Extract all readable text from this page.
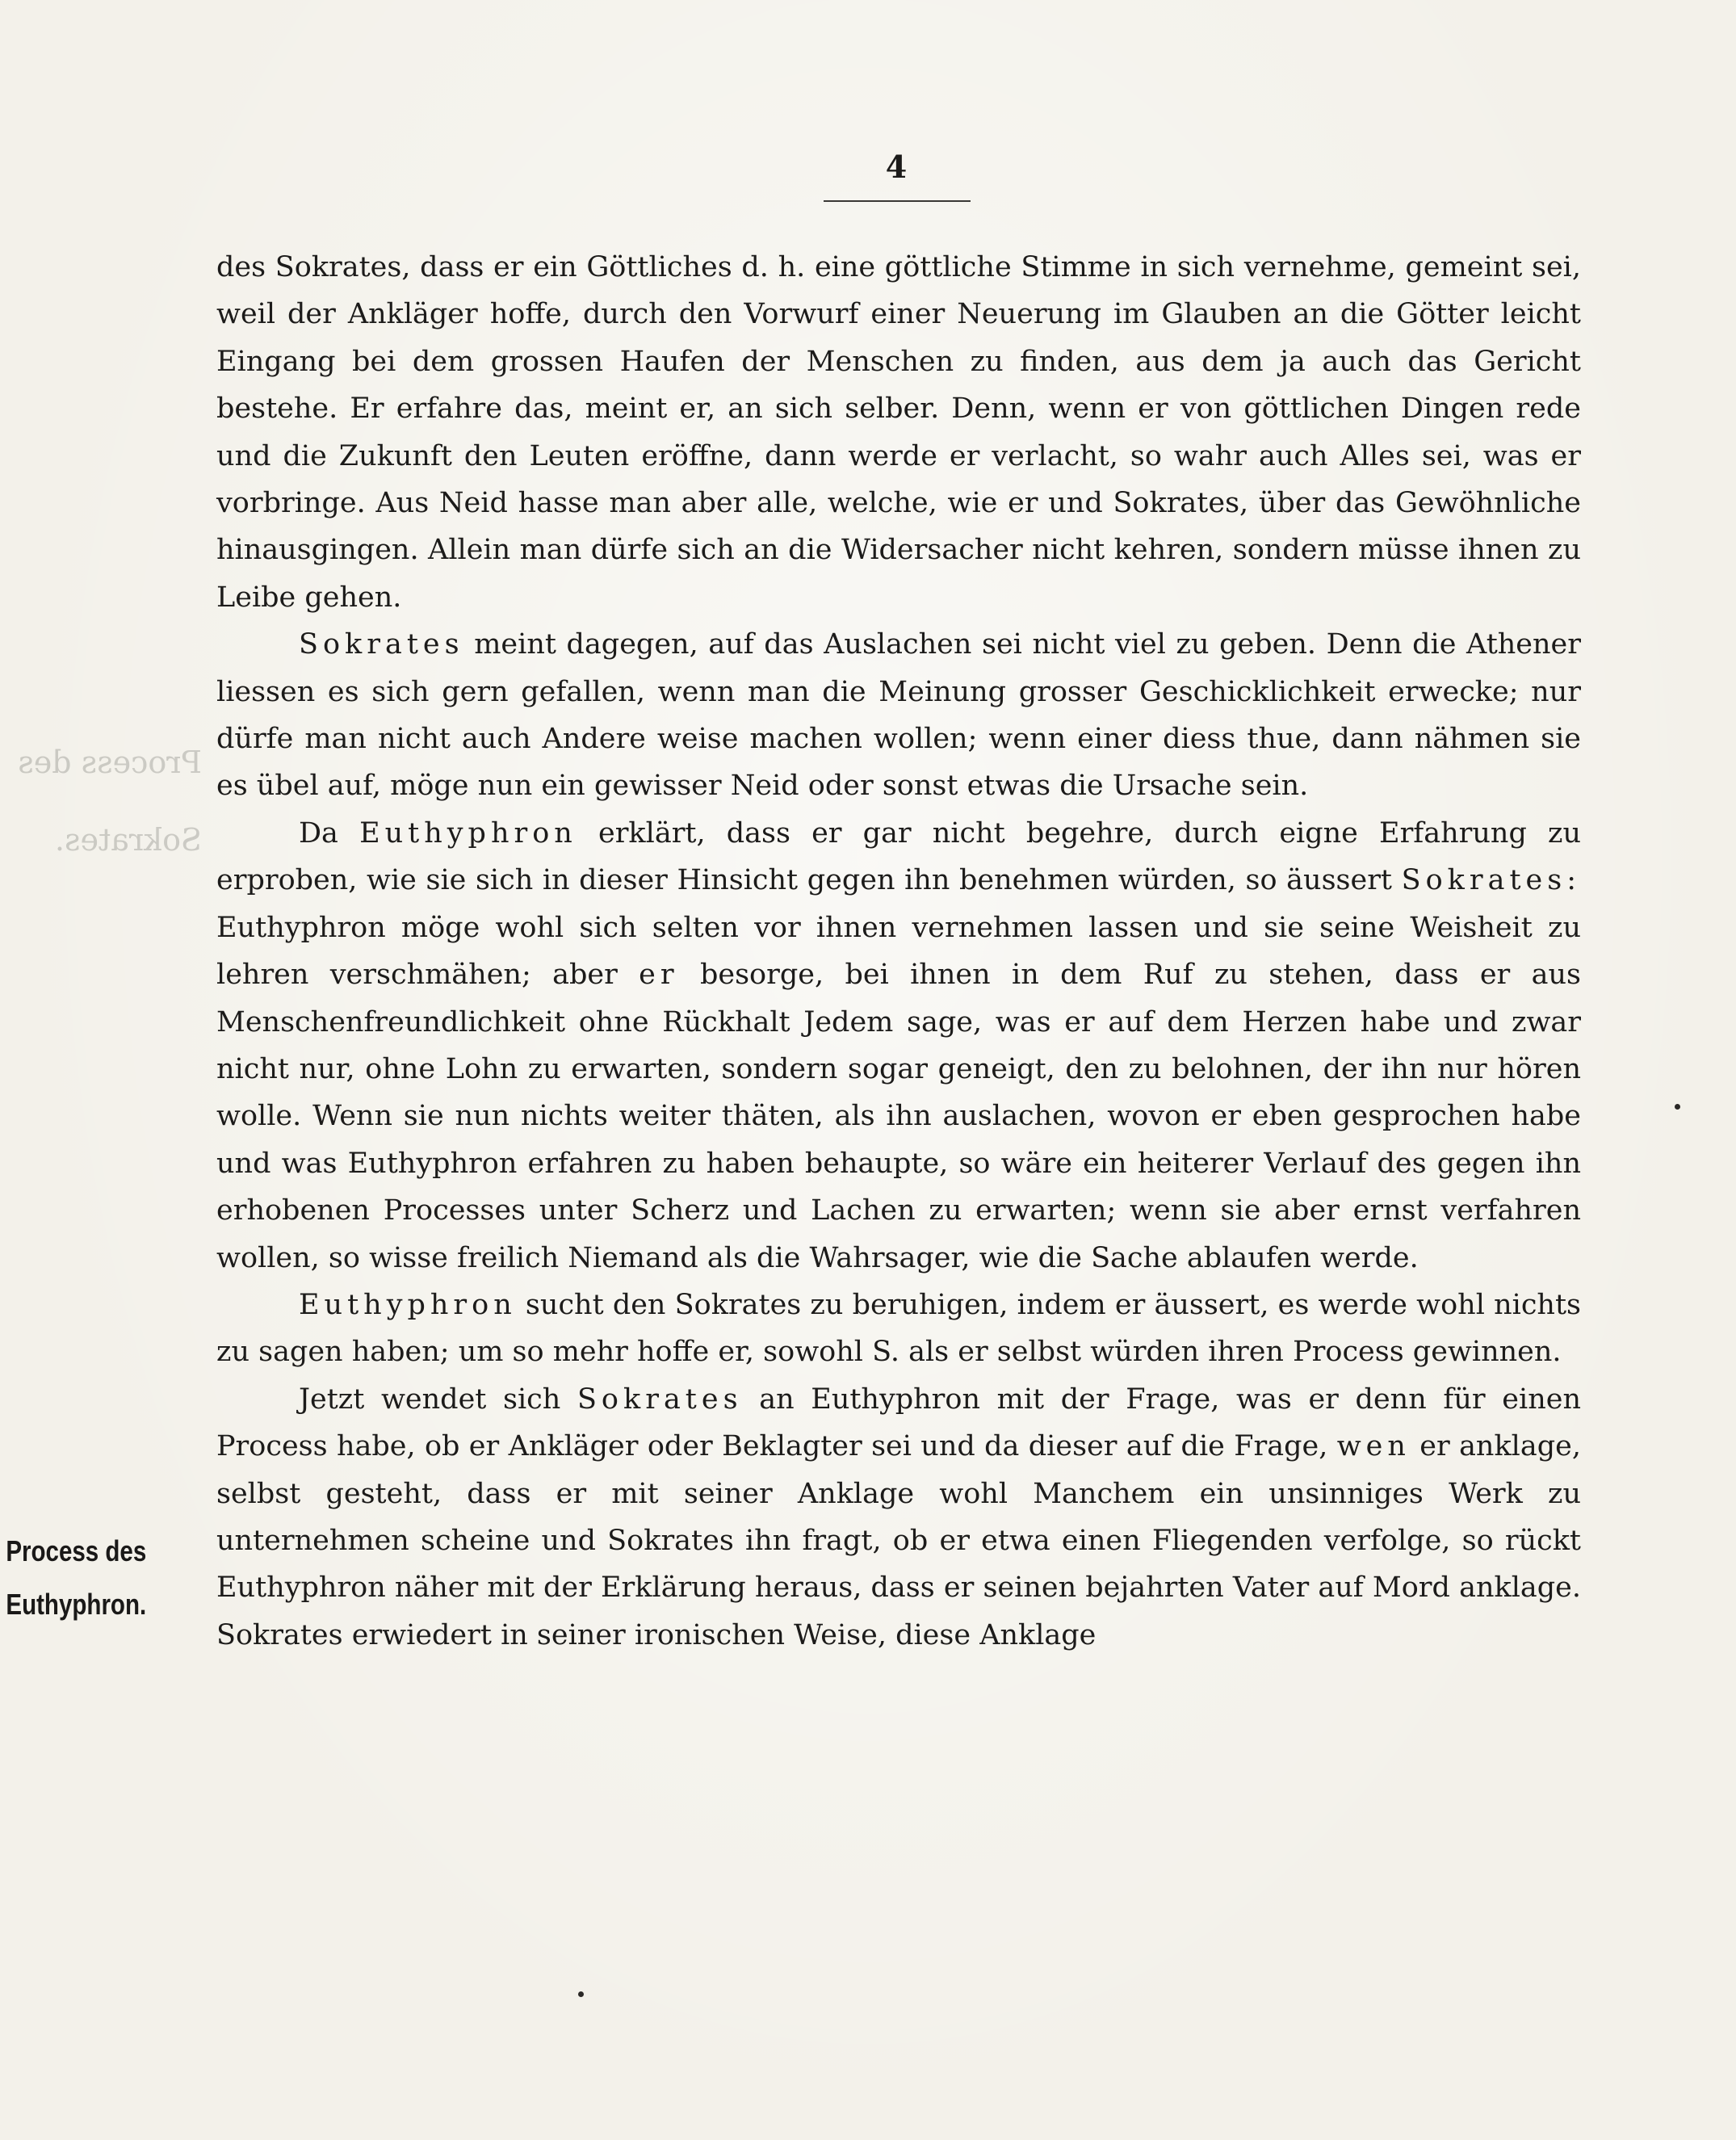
4
Process des
Sokrates.
Process des
Euthyphron.

des Sokrates, dass er ein Göttliches d. h. eine göttliche Stimme in sich vernehme, gemeint sei, weil der Ankläger hoffe, durch den Vorwurf einer Neuerung im Glauben an die Götter leicht Eingang bei dem grossen Haufen der Menschen zu finden, aus dem ja auch das Gericht bestehe. Er erfahre das, meint er, an sich selber. Denn, wenn er von göttlichen Dingen rede und die Zukunft den Leuten eröffne, dann werde er verlacht, so wahr auch Alles sei, was er vorbringe. Aus Neid hasse man aber alle, welche, wie er und Sokrates, über das Gewöhnliche hinausgingen. Allein man dürfe sich an die Widersacher nicht kehren, sondern müsse ihnen zu Leibe gehen.

Sokrates meint dagegen, auf das Auslachen sei nicht viel zu geben. Denn die Athener liessen es sich gern gefallen, wenn man die Meinung grosser Geschicklichkeit erwecke; nur dürfe man nicht auch Andere weise machen wollen; wenn einer diess thue, dann nähmen sie es übel auf, möge nun ein gewisser Neid oder sonst etwas die Ursache sein.

Da Euthyphron erklärt, dass er gar nicht begehre, durch eigne Erfahrung zu erproben, wie sie sich in dieser Hinsicht gegen ihn benehmen würden, so äussert Sokrates: Euthyphron möge wohl sich selten vor ihnen vernehmen lassen und sie seine Weisheit zu lehren verschmähen; aber er besorge, bei ihnen in dem Ruf zu stehen, dass er aus Menschenfreundlichkeit ohne Rückhalt Jedem sage, was er auf dem Herzen habe und zwar nicht nur, ohne Lohn zu erwarten, sondern sogar geneigt, den zu belohnen, der ihn nur hören wolle. Wenn sie nun nichts weiter thäten, als ihn auslachen, wovon er eben gesprochen habe und was Euthyphron erfahren zu haben behaupte, so wäre ein heiterer Verlauf des gegen ihn erhobenen Processes unter Scherz und Lachen zu erwarten; wenn sie aber ernst verfahren wollen, so wisse freilich Niemand als die Wahrsager, wie die Sache ablaufen werde.

Euthyphron sucht den Sokrates zu beruhigen, indem er äussert, es werde wohl nichts zu sagen haben; um so mehr hoffe er, sowohl S. als er selbst würden ihren Process gewinnen.

Jetzt wendet sich Sokrates an Euthyphron mit der Frage, was er denn für einen Process habe, ob er Ankläger oder Beklagter sei und da dieser auf die Frage, wen er anklage, selbst gesteht, dass er mit seiner Anklage wohl Manchem ein unsinniges Werk zu unternehmen scheine und Sokrates ihn fragt, ob er etwa einen Fliegenden verfolge, so rückt Euthyphron näher mit der Erklärung heraus, dass er seinen bejahrten Vater auf Mord anklage. Sokrates erwiedert in seiner ironischen Weise, diese Anklage
